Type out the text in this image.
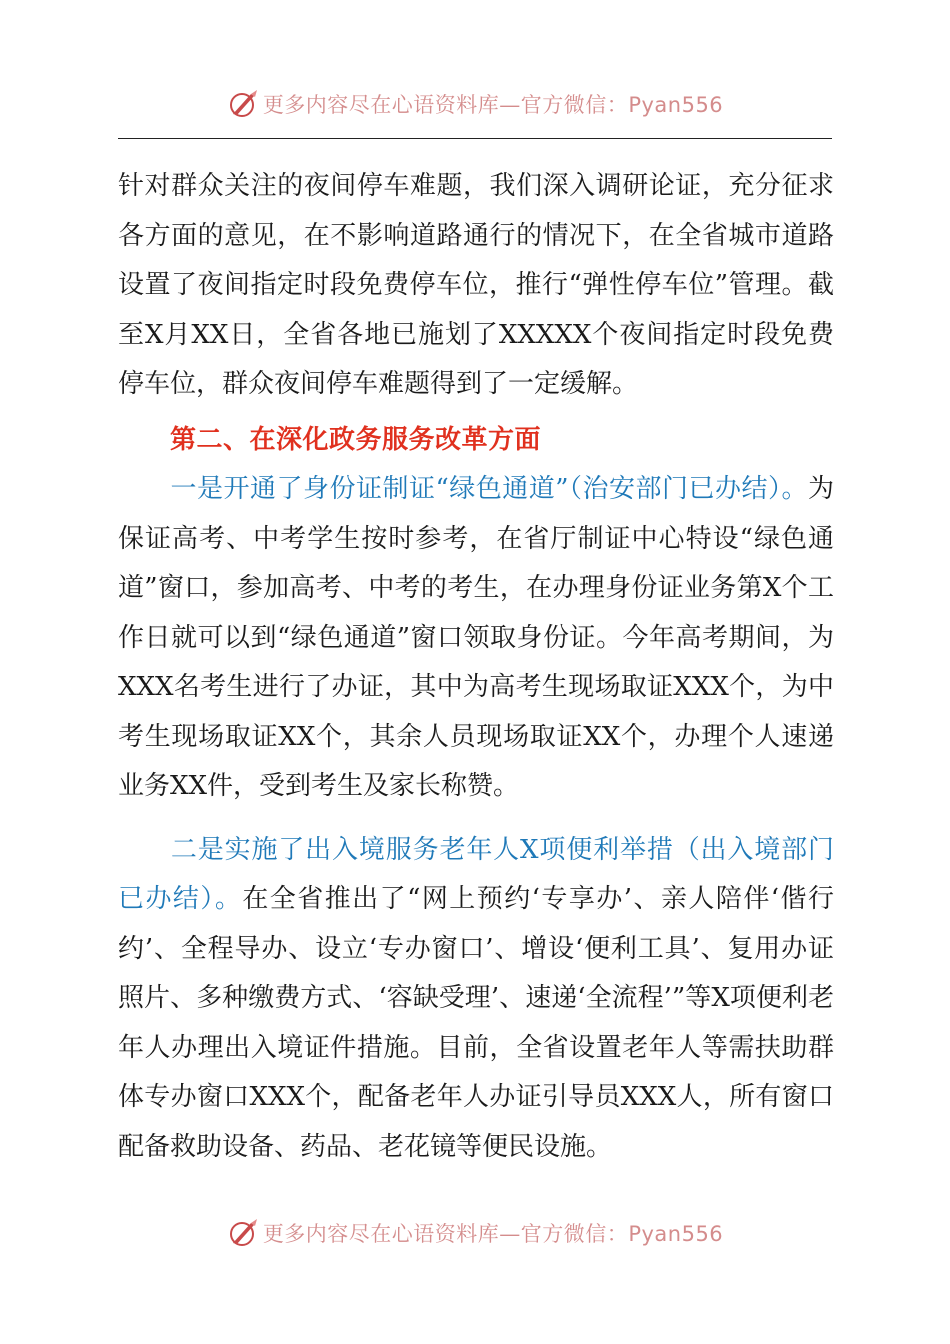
更多内容尽在心语资料库—官方微信：Pyan556

针对群众关注的夜间停车难题，我们深入调研论证，充分征求各方面的意见，在不影响道路通行的情况下，在全省城市道路设置了夜间指定时段免费停车位，推行“弹性停车位”管理。截至X月XX日，全省各地已施划了XXXXX个夜间指定时段免费停车位，群众夜间停车难题得到了一定缓解。

第二、在深化政务服务改革方面

一是开通了身份证制证“绿色通道”（治安部门已办结）。为保证高考、中考学生按时参考，在省厅制证中心特设“绿色通道”窗口，参加高考、中考的考生，在办理身份证业务第X个工作日就可以到“绿色通道”窗口领取身份证。今年高考期间，为XXX名考生进行了办证，其中为高考生现场取证XXX个，为中考生现场取证XX个，其余人员现场取证XX个，办理个人速递业务XX件，受到考生及家长称赞。

二是实施了出入境服务老年人X项便利举措（出入境部门已办结）。在全省推出了“网上预约‘专享办’、亲人陪伴‘偕行约’、全程导办、设立‘专办窗口’、增设‘便利工具’、复用办证照片、多种缴费方式、‘容缺受理’、速递‘全流程’”等X项便利老年人办理出入境证件措施。目前，全省设置老年人等需扶助群体专办窗口XXX个，配备老年人办证引导员XXX人，所有窗口配备救助设备、药品、老花镜等便民设施。

更多内容尽在心语资料库—官方微信：Pyan556
